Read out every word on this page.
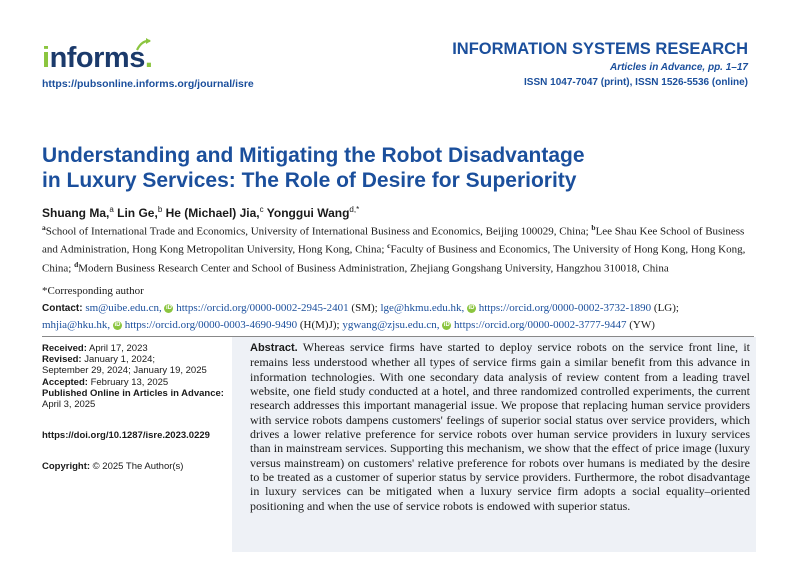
informs.
https://pubsonline.informs.org/journal/isre
INFORMATION SYSTEMS RESEARCH
Articles in Advance, pp. 1–17
ISSN 1047-7047 (print), ISSN 1526-5536 (online)
Understanding and Mitigating the Robot Disadvantage
in Luxury Services: The Role of Desire for Superiority
Shuang Ma,$^a$ Lin Ge,$^b$ He (Michael) Jia,$^c$ Yonggui Wang$^{d,*}$
$^a$School of International Trade and Economics, University of International Business and Economics, Beijing 100029, China; $^b$Lee Shau Kee School of Business and Administration, Hong Kong Metropolitan University, Hong Kong, China; $^c$Faculty of Business and Economics, The University of Hong Kong, Hong Kong, China; $^d$Modern Business Research Center and School of Business Administration, Zhejiang Gongshang University, Hangzhou 310018, China
*Corresponding author
Contact: sm@uibe.edu.cn, iD https://orcid.org/0000-0002-2945-2401 (SM); lge@hkmu.edu.hk, iD https://orcid.org/0000-0002-3732-1890 (LG);
mhjia@hku.hk, iD https://orcid.org/0000-0003-4690-9490 (H(M)J); ygwang@zjsu.edu.cn, iD https://orcid.org/0000-0002-3777-9447 (YW)
Received: April 17, 2023
Revised: January 1, 2024;
September 29, 2024; January 19, 2025
Accepted: February 13, 2025
Published Online in Articles in Advance:
April 3, 2025
https://doi.org/10.1287/isre.2023.0229
Copyright: © 2025 The Author(s)
Abstract. Whereas service firms have started to deploy service robots on the service front line, it remains less understood whether all types of service firms gain a similar benefit from this advance in information technologies. With one secondary data analysis of review content from a leading travel website, one field study conducted at a hotel, and three randomized controlled experiments, the current research addresses this important managerial issue. We propose that replacing human service providers with service robots dampens customers' feelings of superior social status over service providers, which drives a lower relative preference for service robots over human service providers in luxury services than in mainstream services. Supporting this mechanism, we show that the effect of price image (luxury versus mainstream) on customers' relative preference for robots over humans is mediated by the desire to be treated as a customer of superior status by service providers. Furthermore, the robot disadvantage in luxury services can be mitigated when a luxury service firm adopts a social equality–oriented positioning and when the use of service robots is endowed with superior status.
